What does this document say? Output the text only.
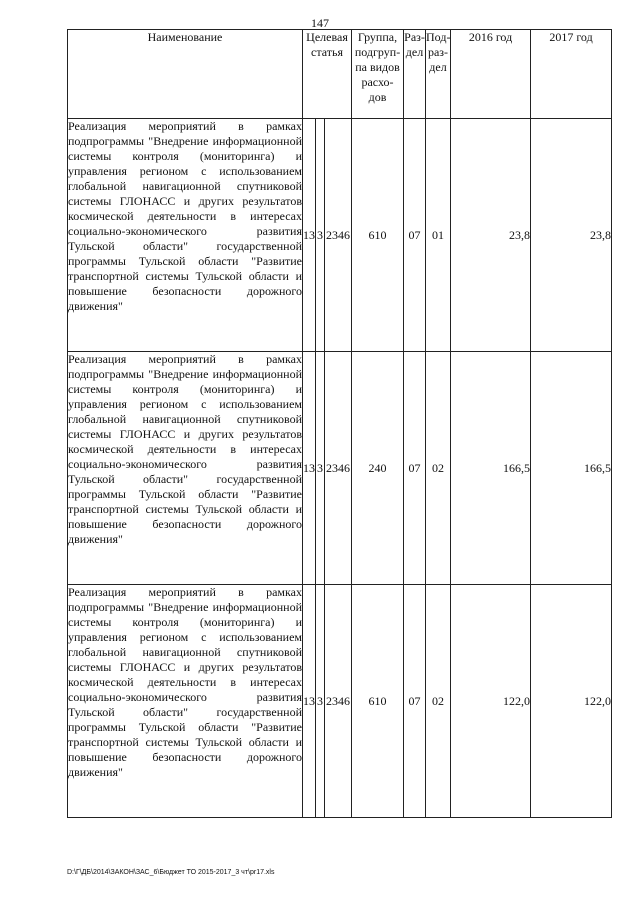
147
Наименование	Целевая статья			Группа, подгруп- па видов расхо- дов	Раз- дел	Под- раз- дел	2016 год	2017 год
Реализация мероприятий в рамках подпрограммы "Внедрение информационной системы контроля (мониторинга) и управления регионом с использованием глобальной навигационной спутниковой системы ГЛОНАСС и других результатов космической деятельности в интересах социально-экономического развития Тульской области" государственной программы Тульской области "Развитие транспортной системы Тульской области и повышение безопасности дорожного движения"	13	3	2346	610	07	01	23,8	23,8
Реализация мероприятий в рамках подпрограммы "Внедрение информационной системы контроля (мониторинга) и управления регионом с использованием глобальной навигационной спутниковой системы ГЛОНАСС и других результатов космической деятельности в интересах социально-экономического развития Тульской области" государственной программы Тульской области "Развитие транспортной системы Тульской области и повышение безопасности дорожного движения"	13	3	2346	240	07	02	166,5	166,5
Реализация мероприятий в рамках подпрограммы "Внедрение информационной системы контроля (мониторинга) и управления регионом с использованием глобальной навигационной спутниковой системы ГЛОНАСС и других результатов космической деятельности в интересах социально-экономического развития Тульской области" государственной программы Тульской области "Развитие транспортной системы Тульской области и повышение безопасности дорожного движения"	13	3	2346	610	07	02	122,0	122,0
D:\Г\ДБ\2014\ЗАКОН\ЗАС_6\Бюджет ТО 2015-2017_3 чт\pr17.xls
